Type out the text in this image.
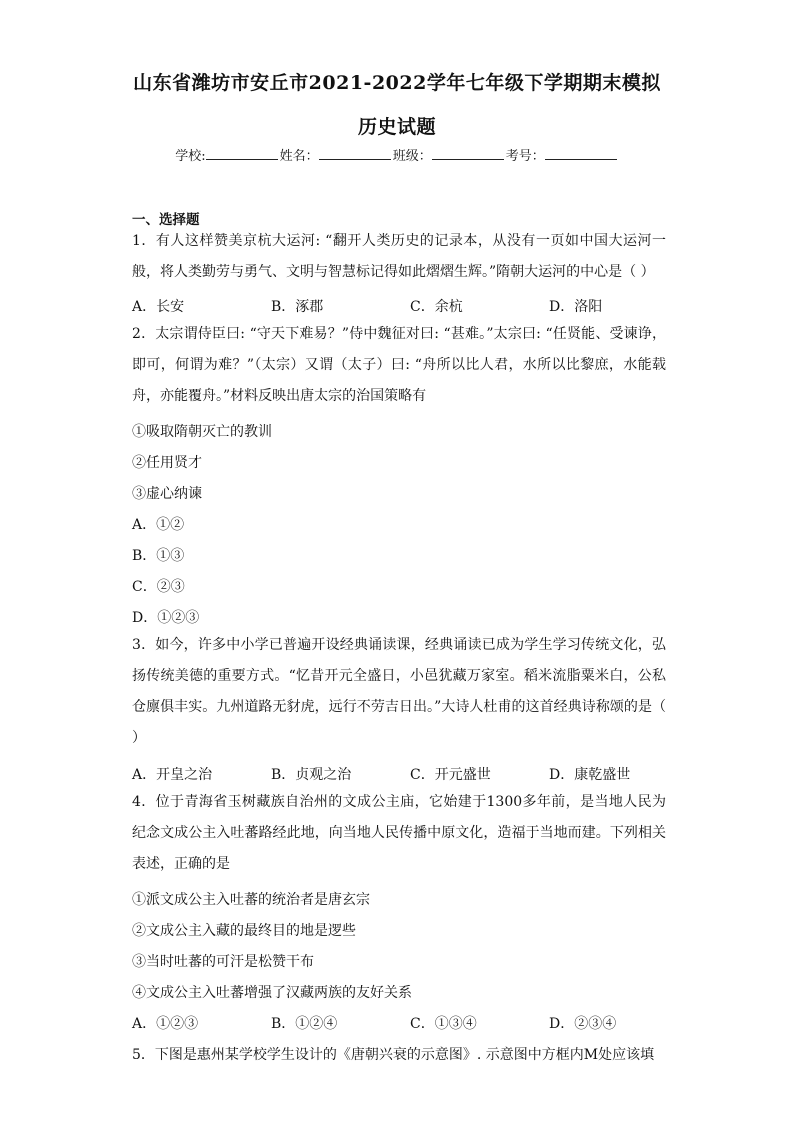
山东省潍坊市安丘市2021-2022学年七年级下学期期末模拟
历史试题
学校:	姓名：	班级：	考号：
一、选择题
1．有人这样赞美京杭大运河: “翻开人类历史的记录本，从没有一页如中国大运河一般，将人类勤劳与勇气、文明与智慧标记得如此熠熠生辉。”隋朝大运河的中心是（ ）
A．长安	B．涿郡	C．余杭	D．洛阳
2．太宗谓侍臣曰: “守天下难易？”侍中魏征对曰: “甚难。”太宗曰: “任贤能、受谏诤，即可，何谓为难？”（太宗）又谓（太子）曰: “舟所以比人君，水所以比黎庶，水能载舟，亦能覆舟。”材料反映出唐太宗的治国策略有
①吸取隋朝灭亡的教训
②任用贤才
③虚心纳谏
A．①②
B．①③
C．②③
D．①②③
3．如今，许多中小学已普遍开设经典诵读课，经典诵读已成为学生学习传统文化，弘扬传统美德的重要方式。“忆昔开元全盛日，小邑犹藏万家室。稻米流脂粟米白，公私仓廪俱丰实。九州道路无豺虎，远行不劳吉日出。”大诗人杜甫的这首经典诗称颂的是（ ）
A．开皇之治	B．贞观之治	C．开元盛世	D．康乾盛世
4．位于青海省玉树藏族自治州的文成公主庙，它始建于1300多年前，是当地人民为纪念文成公主入吐蕃路经此地，向当地人民传播中原文化，造福于当地而建。下列相关表述，正确的是
①派文成公主入吐蕃的统治者是唐玄宗
②文成公主入藏的最终目的地是逻些
③当时吐蕃的可汗是松赞干布
④文成公主入吐蕃增强了汉藏两族的友好关系
A．①②③	B．①②④	C．①③④	D．②③④
5．下图是惠州某学校学生设计的《唐朝兴衰的示意图》. 示意图中方框内M处应该填
